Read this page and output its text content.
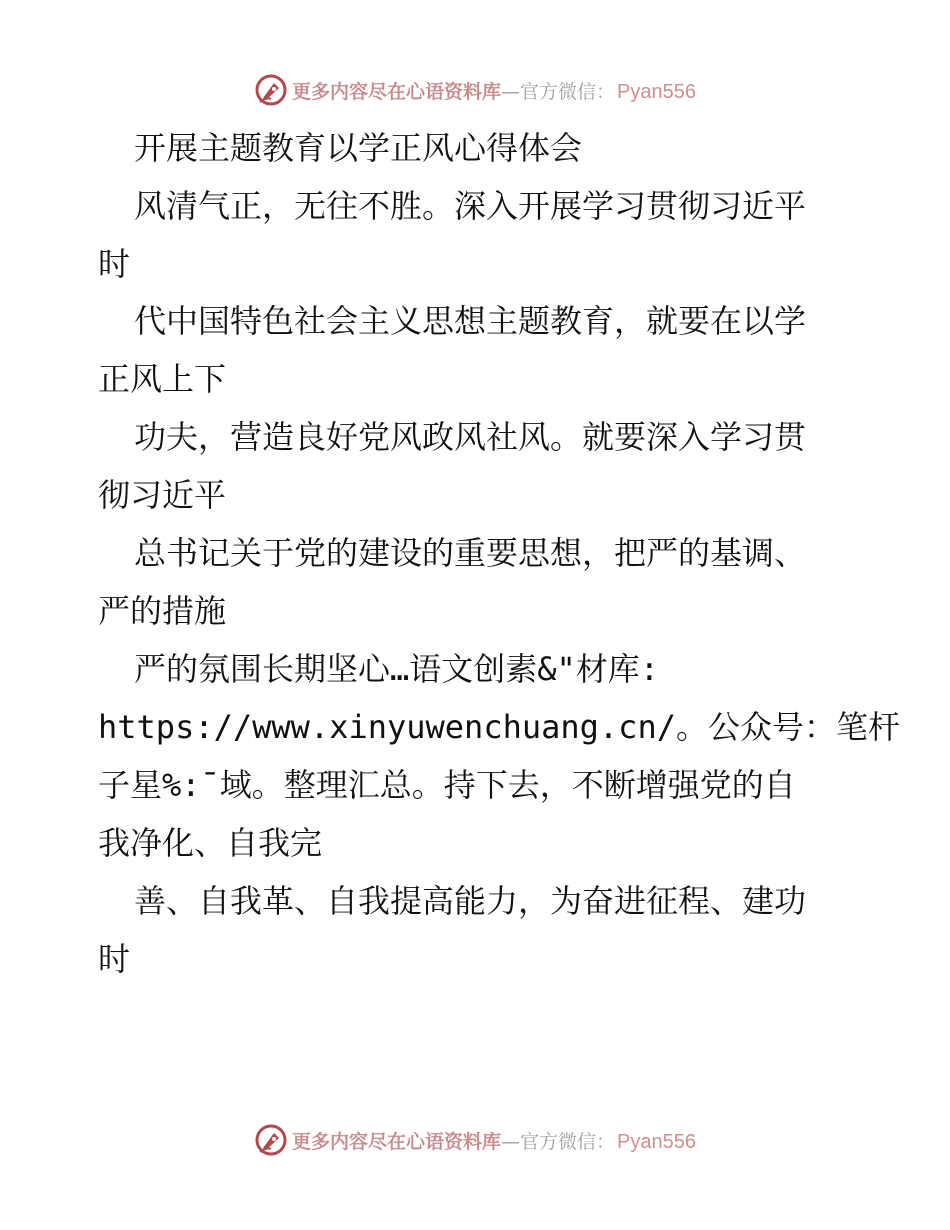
更多内容尽在心语资料库 — 官方微信： Pyan556
开展主题教育以学正风心得体会
风清气正，无往不胜。深入开展学习贯彻习近平
时
代中国特色社会主义思想主题教育，就要在以学
正风上下
功夫，营造良好党风政风社风。就要深入学习贯
彻习近平
总书记关于党的建设的重要思想，把严的基调、
严的措施
严的氛围长期坚心…语文创素&"材库:
https://www.xinyuwenchuang.cn/。公众号：笔杆
子星%:¯域。整理汇总。持下去，不断增强党的自
我净化、自我完
善、自我革、自我提高能力，为奋进征程、建功
时
更多内容尽在心语资料库 — 官方微信： Pyan556
